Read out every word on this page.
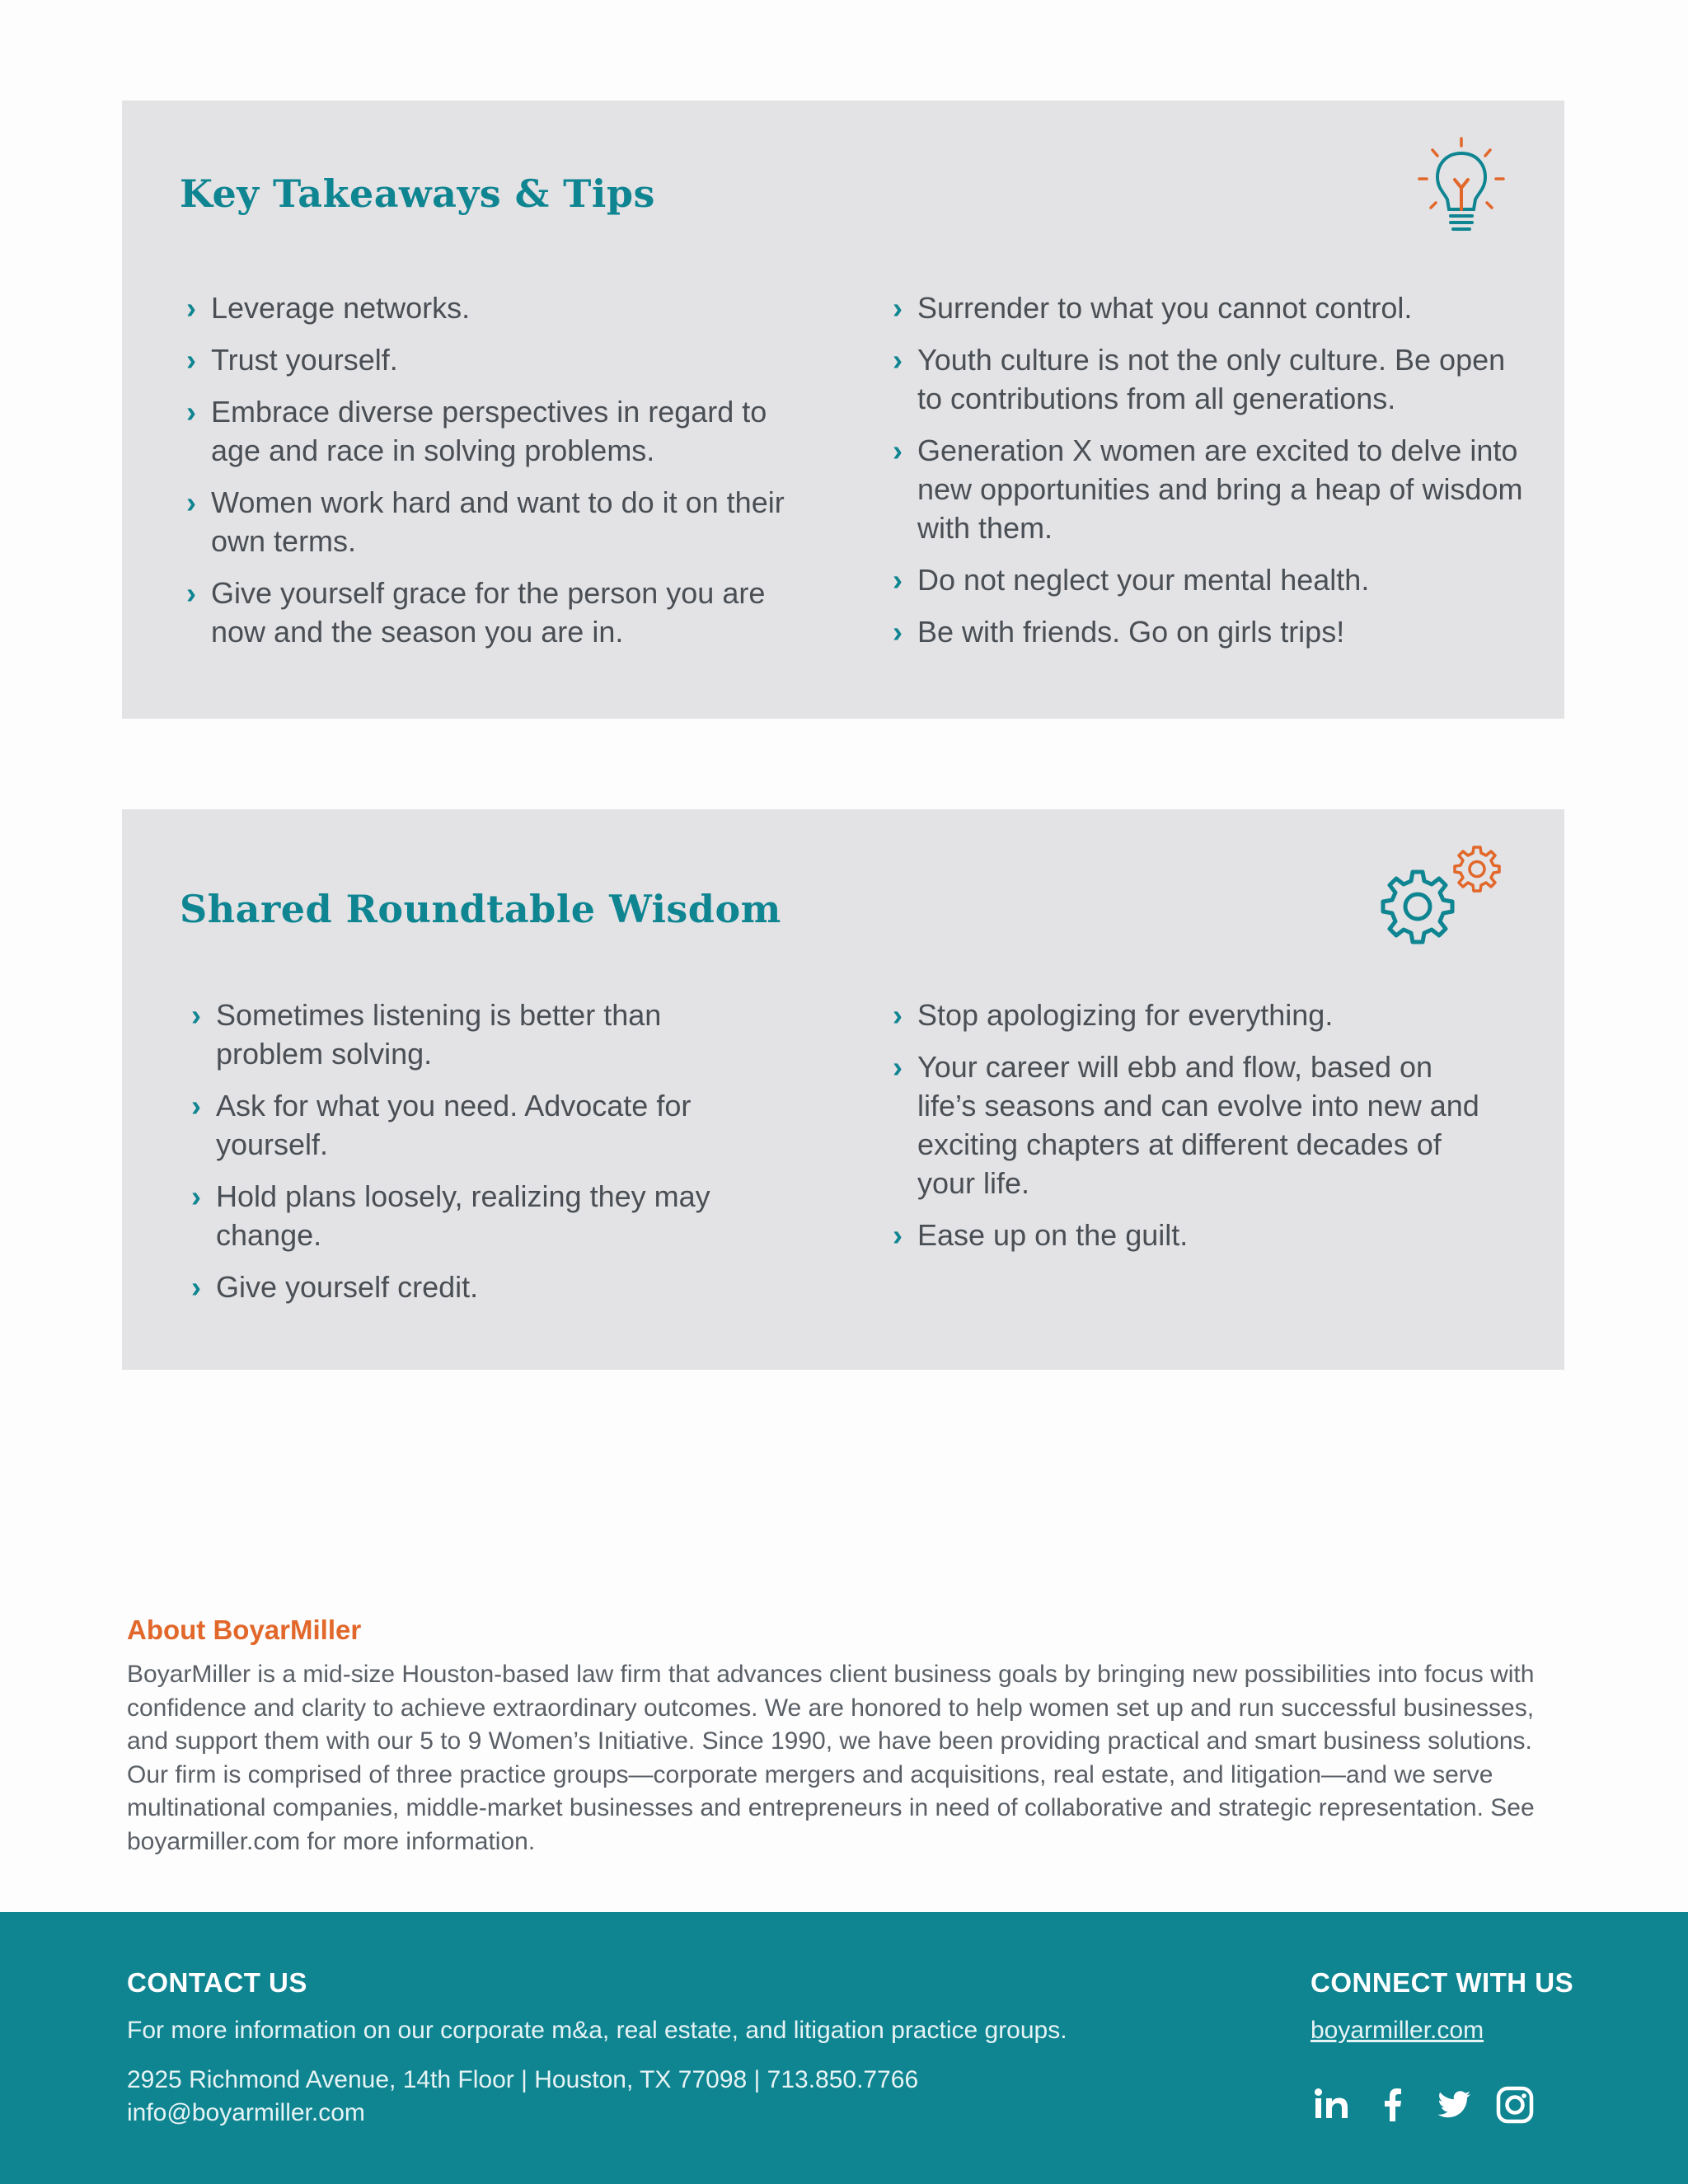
Key Takeaways & Tips
› Leverage networks.
› Trust yourself.
› Embrace diverse perspectives in regard to age and race in solving problems.
› Women work hard and want to do it on their own terms.
› Give yourself grace for the person you are now and the season you are in.
› Surrender to what you cannot control.
› Youth culture is not the only culture. Be open to contributions from all generations.
› Generation X women are excited to delve into new opportunities and bring a heap of wisdom with them.
› Do not neglect your mental health.
› Be with friends. Go on girls trips!
Shared Roundtable Wisdom
› Sometimes listening is better than problem solving.
› Ask for what you need. Advocate for yourself.
› Hold plans loosely, realizing they may change.
› Give yourself credit.
› Stop apologizing for everything.
› Your career will ebb and flow, based on life’s seasons and can evolve into new and exciting chapters at different decades of your life.
› Ease up on the guilt.
About BoyarMiller

BoyarMiller is a mid-size Houston-based law firm that advances client business goals by bringing new possibilities into focus with confidence and clarity to achieve extraordinary outcomes. We are honored to help women set up and run successful businesses, and support them with our 5 to 9 Women’s Initiative. Since 1990, we have been providing practical and smart business solutions. Our firm is comprised of three practice groups—corporate mergers and acquisitions, real estate, and litigation—and we serve multinational companies, middle-market businesses and entrepreneurs in need of collaborative and strategic representation. See boyarmiller.com for more information.

CONTACT US
For more information on our corporate m&a, real estate, and litigation practice groups.
2925 Richmond Avenue, 14th Floor | Houston, TX 77098 | 713.850.7766
info@boyarmiller.com
CONNECT WITH US
boyarmiller.com
